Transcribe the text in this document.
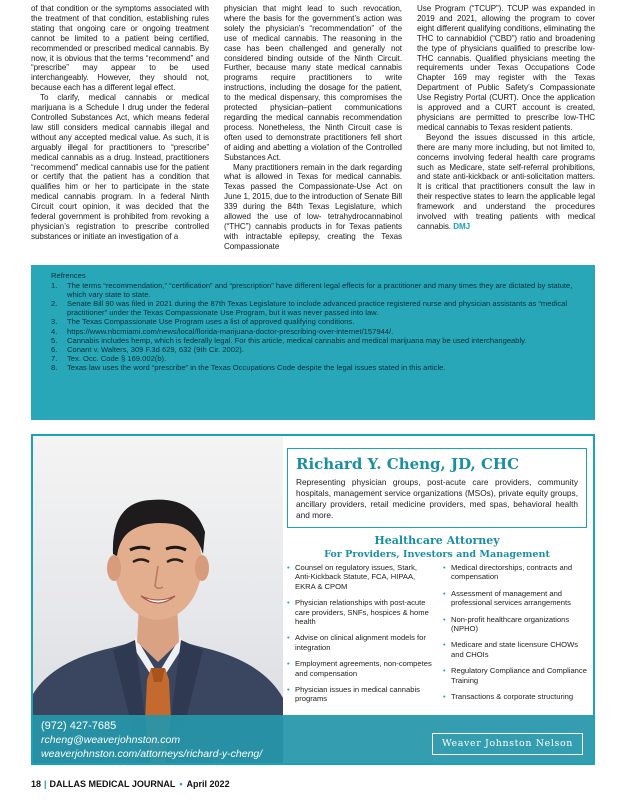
of that condition or the symptoms associated with the treatment of that condition, establishing rules stating that ongoing care or ongoing treatment cannot be limited to a patient being certified, recommended or prescribed medical cannabis. By now, it is obvious that the terms “recommend” and “prescribe” may appear to be used interchangeably. However, they should not, because each has a different legal effect.

To clarify, medical cannabis or medical marijuana is a Schedule I drug under the federal Controlled Substances Act, which means federal law still considers medical cannabis illegal and without any accepted medical value. As such, it is arguably illegal for practitioners to “prescribe” medical cannabis as a drug. Instead, practitioners “recommend” medical cannabis use for the patient or certify that the patient has a condition that qualifies him or her to participate in the state medical cannabis program. In a federal Ninth Circuit court opinion, it was decided that the federal government is prohibited from revoking a physician’s registration to prescribe controlled substances or initiate an investigation of a

physician that might lead to such revocation, where the basis for the government’s action was solely the physician’s “recommendation” of the use of medical cannabis. The reasoning in the case has been challenged and generally not considered binding outside of the Ninth Circuit. Further, because many state medical cannabis programs require practitioners to write instructions, including the dosage for the patient, to the medical dispensary, this compromises the protected physician–patient communications regarding the medical cannabis recommendation process. Nonetheless, the Ninth Circuit case is often used to demonstrate practitioners fell short of aiding and abetting a violation of the Controlled Substances Act.

Many practitioners remain in the dark regarding what is allowed in Texas for medical cannabis. Texas passed the Compassionate-Use Act on June 1, 2015, due to the introduction of Senate Bill 339 during the 84th Texas Legislature, which allowed the use of low- tetrahydrocannabinol (“THC”) cannabis products in for Texas patients with intractable epilepsy, creating the Texas Compassionate

Use Program (“TCUP”). TCUP was expanded in 2019 and 2021, allowing the program to cover eight different qualifying conditions, eliminating the THC to cannabidiol (“CBD”) ratio and broadening the type of physicians qualified to prescribe low-THC cannabis. Qualified physicians meeting the requirements under Texas Occupations Code Chapter 169 may register with the Texas Department of Public Safety’s Compassionate Use Registry Portal (CURT). Once the application is approved and a CURT account is created, physicians are permitted to prescribe low-THC medical cannabis to Texas resident patients.

Beyond the issues discussed in this article, there are many more including, but not limited to, concerns involving federal health care programs such as Medicare, state self-referral prohibitions, and state anti-kickback or anti-solicitation matters. It is critical that practitioners consult the law in their respective states to learn the applicable legal framework and understand the procedures involved with treating patients with medical cannabis. DMJ

Refrences
1.	The terms “recommendation,” “certification” and “prescription” have different legal effects for a practitioner and many times they are dictated by statute, which vary state to state.
2.	Senate Bill 90 was filed in 2021 during the 87th Texas Legislature to include advanced practice registered nurse and physician assistants as “medical practitioner” under the Texas Compassionate Use Program, but it was never passed into law.
3.	The Texas Compassionate Use Program uses a list of approved qualifying conditions.
4.	https://www.nbcmiami.com/news/local/florida-marijuana-doctor-prescribing-over-internet/157944/.
5.	Cannabis includes hemp, which is federally legal. For this article, medical cannabis and medical marijuana may be used interchangeably.
6.	Conant v. Walters, 309 F.3d 629, 632 (9th Cir. 2002).
7.	Tex. Occ. Code § 169.002(b).
8.	Texas law uses the word “prescribe” in the Texas Occupations Code despite the legal issues stated in this article.
Richard Y. Cheng, JD, CHC
Representing physician groups, post-acute care providers, community hospitals, management service organizations (MSOs), private equity groups, ancillary providers, retail medicine providers, med spas, behavioral health and more.
Healthcare Attorney
For Providers, Investors and Management
• Counsel on regulatory issues, Stark, Anti-Kickback Statute, FCA, HIPAA, EKRA & CPOM
• Physician relationships with post-acute care providers, SNFs, hospices & home health
• Advise on clinical alignment models for integration
• Employment agreements, non-competes and compensation
• Physician issues in medical cannabis programs
• Medical directorships, contracts and compensation
• Assessment of management and professional services arrangements
• Non-profit healthcare organizations (NPHO)
• Medicare and state licensure CHOWs and CHOIs
• Regulatory Compliance and Compliance Training
• Transactions & corporate structuring
(972) 427-7685
rcheng@weaverjohnston.com
weaverjohnston.com/attorneys/richard-y-cheng/
Weaver Johnston Nelson
18 | DALLAS MEDICAL JOURNAL • April 2022
